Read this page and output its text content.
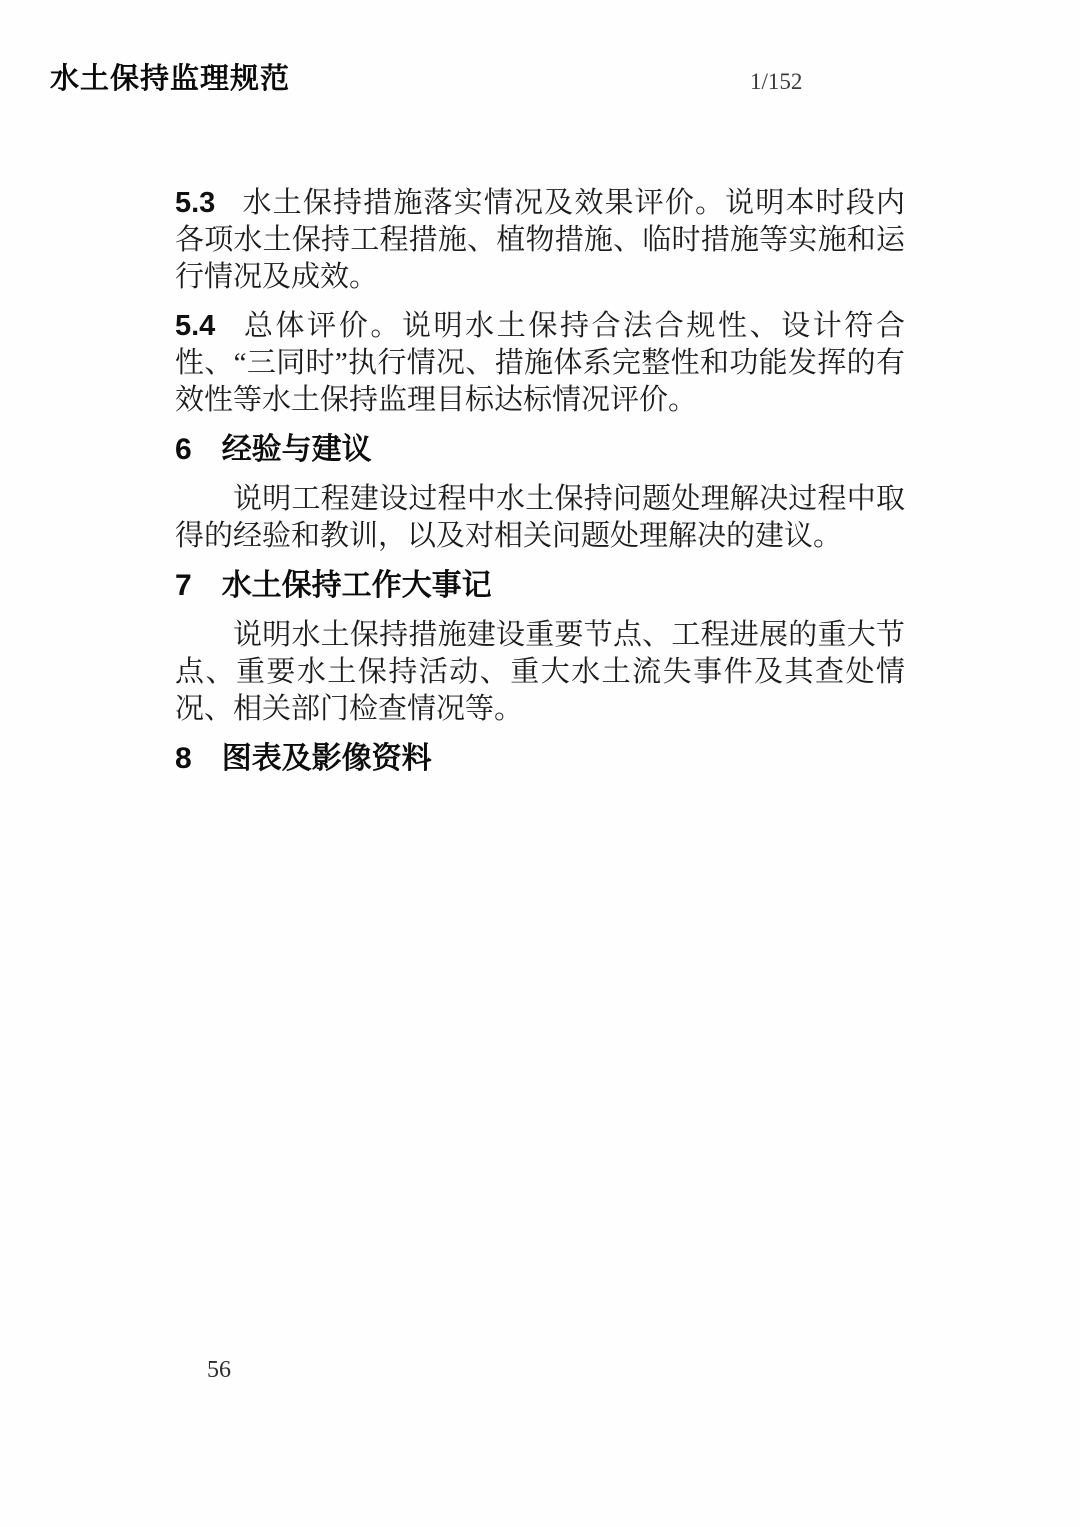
水土保持监理规范	1/152

5.3 水土保持措施落实情况及效果评价。说明本时段内各项水土保持工程措施、植物措施、临时措施等实施和运行情况及成效。

5.4 总体评价。说明水土保持合法合规性、设计符合性、“三同时”执行情况、措施体系完整性和功能发挥的有效性等水土保持监理目标达标情况评价。

6 经验与建议

说明工程建设过程中水土保持问题处理解决过程中取得的经验和教训，以及对相关问题处理解决的建议。

7 水土保持工作大事记

说明水土保持措施建设重要节点、工程进展的重大节点、重要水土保持活动、重大水土流失事件及其查处情况、相关部门检查情况等。

8 图表及影像资料
56
